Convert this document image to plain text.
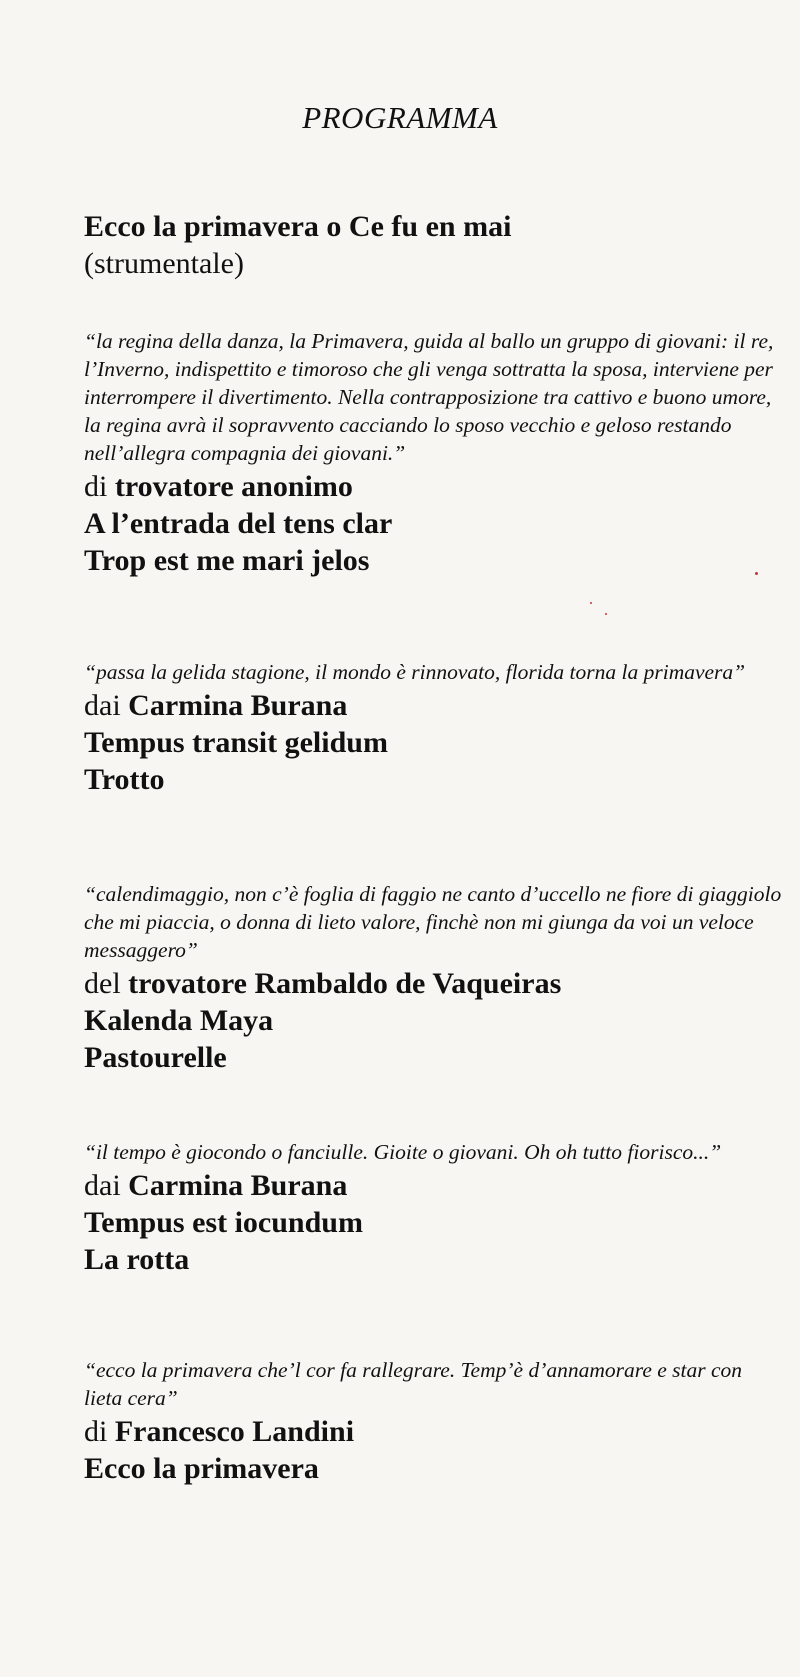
PROGRAMMA

Ecco la primavera o Ce fu en mai
(strumentale)

“la regina della danza, la Primavera, guida al ballo un gruppo di giovani: il re, l’Inverno, indispettito e timoroso che gli venga sottratta la sposa, interviene per interrompere il divertimento. Nella contrapposizione tra cattivo e buono umore, la regina avrà il sopravvento cacciando lo sposo vecchio e geloso restando nell’allegra compagnia dei giovani.”

di trovatore anonimo

A l’entrada del tens clar

Trop est me mari jelos

“passa la gelida stagione, il mondo è rinnovato, florida torna la primavera”

dai Carmina Burana

Tempus transit gelidum

Trotto

“calendimaggio, non c’è foglia di faggio ne canto d’uccello ne fiore di giaggiolo che mi piaccia, o donna di lieto valore, finchè non mi giunga da voi un veloce messaggero”

del trovatore Rambaldo de Vaqueiras

Kalenda Maya

Pastourelle

“il tempo è giocondo o fanciulle. Gioite o giovani. Oh oh tutto fiorisco...”

dai Carmina Burana

Tempus est iocundum

La rotta

“ecco la primavera che’l cor fa rallegrare. Temp’è d’annamorare e star con lieta cera”

di Francesco Landini

Ecco la primavera
